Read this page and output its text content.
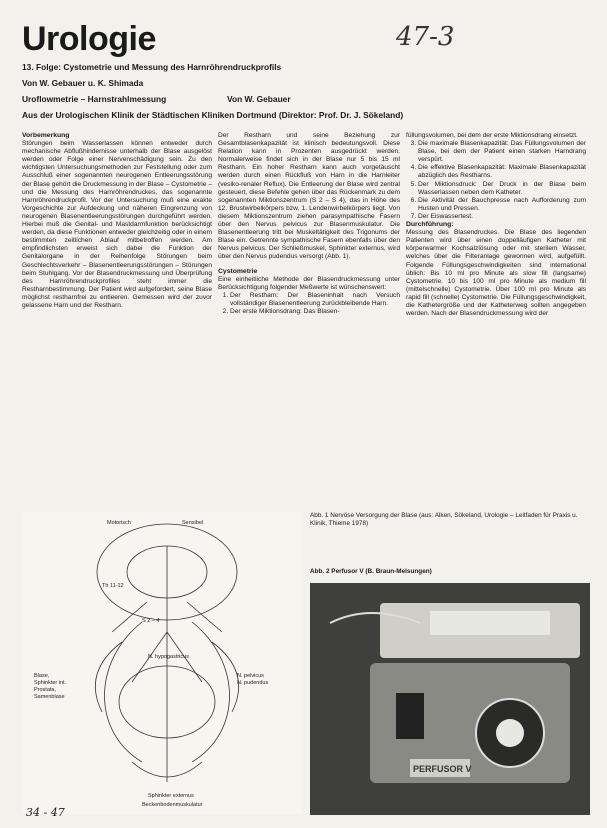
Urologie	47-3
13. Folge: Cystometrie und Messung des Harnröhrendruckprofils
Von W. Gebauer u. K. Shimada
Uroflowmetrie – Harnstrahlmessung	Von W. Gebauer
Aus der Urologischen Klinik der Städtischen Kliniken Dortmund (Direktor: Prof. Dr. J. Sökeland)
Vorbemerkung

Störungen beim Wasserlassen können entweder durch mechanische Abflußhindernisse unterhalb der Blase ausgelöst werden oder Folge einer Nervenschädigung sein. Zu den wichtigsten Untersuchungsmethoden zur Feststellung oder zum Ausschluß einer sogenannten neurogenen Entleerungsstörung der Blase gehört die Druckmessung in der Blase – Cystometrie – und die Messung des Harnröhrendruckes, das sogenannte Harnröhrendruckprofil. Vor der Untersuchung muß eine exakte Vorgeschichte zur Aufdeckung und näheren Eingrenzung von neurogenen Blasenentleerungsstörungen durchgeführt werden. Hierbei muß die Genital- und Mastdarmfunktion berücksichtigt werden, da diese Funktionen entweder gleichzeitig oder in einem bestimmten zeitlichen Ablauf mitbetroffen werden. Am empfindlichsten erweist sich dabei die Funktion der Genitalorgane in der Reihenfolge Störungen beim Geschlechtsverkehr – Blasenentleerungsstörungen – Störungen beim Stuhlgang. Vor der Blasendruckmessung und Überprüfung des Harnröhrendruckprofiles steht immer die Restharnbestimmung. Der Patient wird aufgefordert, seine Blase möglichst restharnfrei zu entleeren. Gemessen wird der zuvor gelassene Harn und der Restharn.

Der Restharn und seine Beziehung zur Gesamtblasenkapazität ist klinisch bedeutungsvoll. Diese Relation kann in Prozenten ausgedrückt werden. Normalerweise findet sich in der Blase nur 5 bis 15 ml Restharn. Ein hoher Restharn kann auch vorgetäuscht werden durch einen Rückfluß von Harn in die Harnleiter (vesiko-renaler Reflux). Die Entleerung der Blase wird zentral gesteuert, diese Befehle gehen über das Rückenmark zu dem sogenannten Miktionszentrum (S 2 – S 4), das in Höhe des 12. Brustwirbelkörpers bzw. 1. Lendenwirbelkörpers liegt. Von diesem Miktionszentrum ziehen parasympathische Fasern über den Nervus pelvicus zur Blasenmuskulatur. Die Blasenentleerung tritt bei Muskeltätigkeit des Trigonums der Blase ein. Getrennte sympathische Fasern ebenfalls über den Nervus pelvicus. Der Schließmuskel, Sphinkter externus, wird über den Nervus pudendus versorgt (Abb. 1).

Cystometrie

Eine einheitliche Methode der Blasendruckmessung unter Berücksichtigung folgender Meßwerte ist wünschenswert:

1. Der Restharn: Der Blaseninhalt nach Versuch vollständiger Blasenentleerung zurückbleibende Harn.
2. Der erste Miktionsdrang: Das Blasen-

füllungsvolumen, bei dem der erste Miktionsdrang einsetzt.

3. Die maximale Blasenkapazität: Das Füllungsvolumen der Blase, bei dem der Patient einen starken Harndrang verspürt.
4. Die effektive Blasenkapazität: Maximale Blasenkapazität abzüglich des Restharns.
5. Der Miktionsdruck: Der Druck in der Blase beim Wasserlassen neben dem Katheter.
6. Die Aktivität der Bauchpresse nach Aufforderung zum Husten und Pressen.
7. Der Eiswassertest.
Durchführung:

Messung des Blasendruckes. Die Blase des liegenden Patienten wird über einen doppelläufigen Katheter mit körperwarmer Kochsalzlösung oder mit sterilem Wasser, welches über die Filteranlage gewonnen wird, aufgefüllt. Folgende Füllungsgeschwindigkeiten sind international üblich: Bis 10 ml pro Minute als slow fill (langsame) Cystometrie. 10 bis 100 ml pro Minute als medium fill (mittelschnelle) Cystometrie. Über 100 ml pro Minute als rapid fill (schnelle) Cystometrie. Die Füllungsgeschwindigkeit, die Kathetergröße und der Katheterweg sollten angegeben werden. Nach der Blasendruckmessung wird der

Abb. 1 Nervöse Versorgung der Blase (aus: Alken, Sökeland, Urologie – Leitfaden für Praxis u. Klinik, Thieme 1978)
Abb. 2 Perfusor V (B. Braun-Melsungen)
Motorisch	Sensibel
Th 11-12
S 2 – 4
N. hypogastricus
Blase,
Sphinkter int.
Prostata,
Samenblase
N. pelvicus
N. pudendus
Sphinkter externus
Beckenbodenmuskulatur
PERFUSOR V
34 - 47
